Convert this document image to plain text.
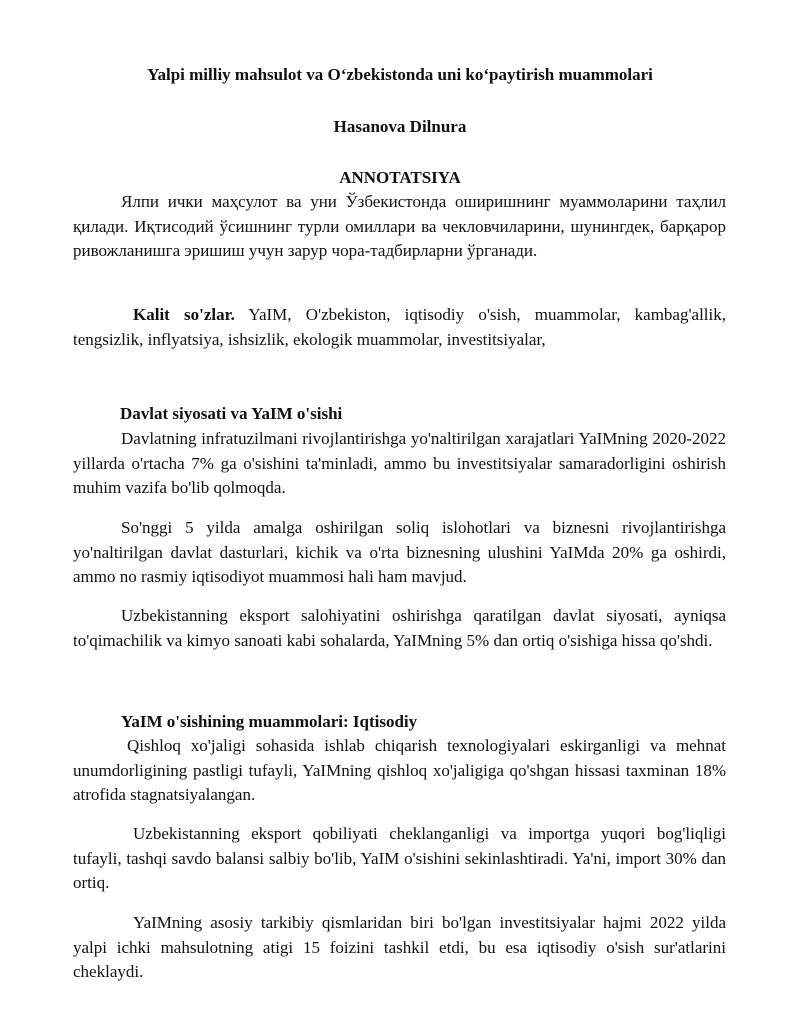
Yalpi milliy mahsulot va O‘zbekistonda uni ko‘paytirish muammolari
Hasanova Dilnura
ANNOTATSIYA

Ялпи ички маҳсулот ва уни Ўзбекистонда оширишнинг муаммоларини таҳлил қилади. Иқтисодий ўсишнинг турли омиллари ва чекловчиларини, шунингдек, барқарор ривожланишга эришиш учун зарур чора-тадбирларни ўрганади.

Kalit so'zlar. YaIM, O'zbekiston, iqtisodiy o'sish, muammolar, kambag'allik, tengsizlik, inflyatsiya, ishsizlik, ekologik muammolar, investitsiyalar,

Davlat siyosati va YaIM o'sishi

Davlatning infratuzilmani rivojlantirishga yo'naltirilgan xarajatlari YaIMning 2020-2022 yillarda o'rtacha 7% ga o'sishini ta'minladi, ammo bu investitsiyalar samaradorligini oshirish muhim vazifa bo'lib qolmoqda.

So'nggi 5 yilda amalga oshirilgan soliq islohotlari va biznesni rivojlantirishga yo'naltirilgan davlat dasturlari, kichik va o'rta biznesning ulushini YaIMda 20% ga oshirdi, ammo no rasmiy iqtisodiyot muammosi hali ham mavjud.

Uzbekistanning eksport salohiyatini oshirishga qaratilgan davlat siyosati, ayniqsa to'qimachilik va kimyo sanoati kabi sohalarda, YaIMning 5% dan ortiq o'sishiga hissa qo'shdi.

YaIM o'sishining muammolari: Iqtisodiy

Qishloq xo'jaligi sohasida ishlab chiqarish texnologiyalari eskirganligi va mehnat unumdorligining pastligi tufayli, YaIMning qishloq xo'jaligiga qo'shgan hissasi taxminan 18% atrofida stagnatsiyalangan.

Uzbekistanning eksport qobiliyati cheklanganligi va importga yuqori bog'liqligi tufayli, tashqi savdo balansi salbiy bo'lib, YaIM o'sishini sekinlashtiradi. Ya'ni, import 30% dan ortiq.

YaIMning asosiy tarkibiy qismlaridan biri bo'lgan investitsiyalar hajmi 2022 yilda yalpi ichki mahsulotning atigi 15 foizini tashkil etdi, bu esa iqtisodiy o'sish sur'atlarini cheklaydi.
